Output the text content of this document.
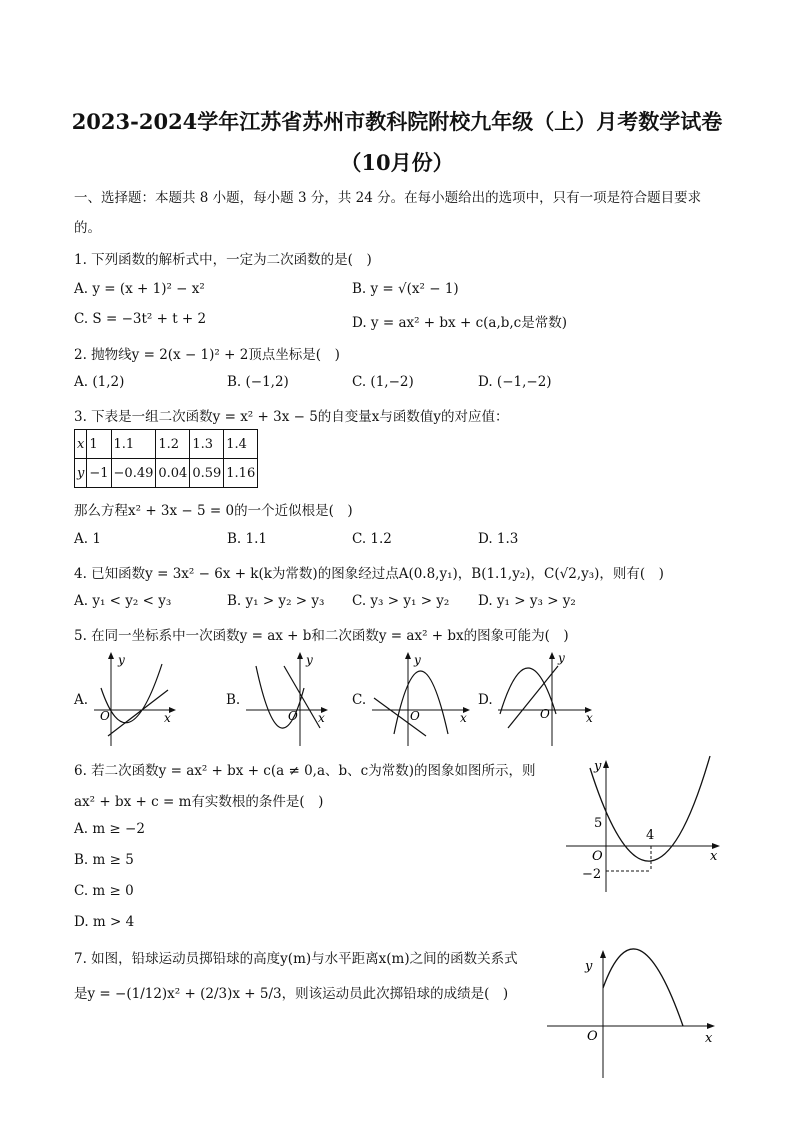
2023-2024学年江苏省苏州市教科院附校九年级（上）月考数学试卷
（10月份）
一、选择题：本题共 8 小题，每小题 3 分，共 24 分。在每小题给出的选项中，只有一项是符合题目要求
的。
1. 下列函数的解析式中，一定为二次函数的是(　)
A. y = (x + 1)² − x²	B. y = √(x² − 1)
C. S = −3t² + t + 2	D. y = ax² + bx + c(a,b,c是常数)
2. 抛物线y = 2(x − 1)² + 2顶点坐标是(　)
A. (1,2)	B. (−1,2)	C. (1,−2)	D. (−1,−2)
3. 下表是一组二次函数y = x² + 3x − 5的自变量x与函数值y的对应值：
x	1	1.1	1.2	1.3	1.4
y	−1	−0.49	0.04	0.59	1.16
那么方程x² + 3x − 5 = 0的一个近似根是(　)
A. 1	B. 1.1	C. 1.2	D. 1.3
4. 已知函数y = 3x² − 6x + k(k为常数)的图象经过点A(0.8,y₁)，B(1.1,y₂)，C(√2,y₃)，则有(　)
A. y₁ < y₂ < y₃	B. y₁ > y₂ > y₃ C. y₃ > y₁ > y₂ D. y₁ > y₃ > y₂
5. 在同一坐标系中一次函数y = ax + b和二次函数y = ax² + bx的图象可能为(　)
A.
y
x
O
B.
y
x
O
C.
y
x
O
D.
y
x
O
6. 若二次函数y = ax² + bx + c(a ≠ 0,a、b、c为常数)的图象如图所示，则
ax² + bx + c = m有实数根的条件是(　)
A. m ≥ −2
B. m ≥ 5
C. m ≥ 0
D. m > 4
y
x
O
5
4
−2
7. 如图，铅球运动员掷铅球的高度y(m)与水平距离x(m)之间的函数关系式
是y = −(1/12)x² + (2/3)x + 5/3，则该运动员此次掷铅球的成绩是(　)
y
x
O
